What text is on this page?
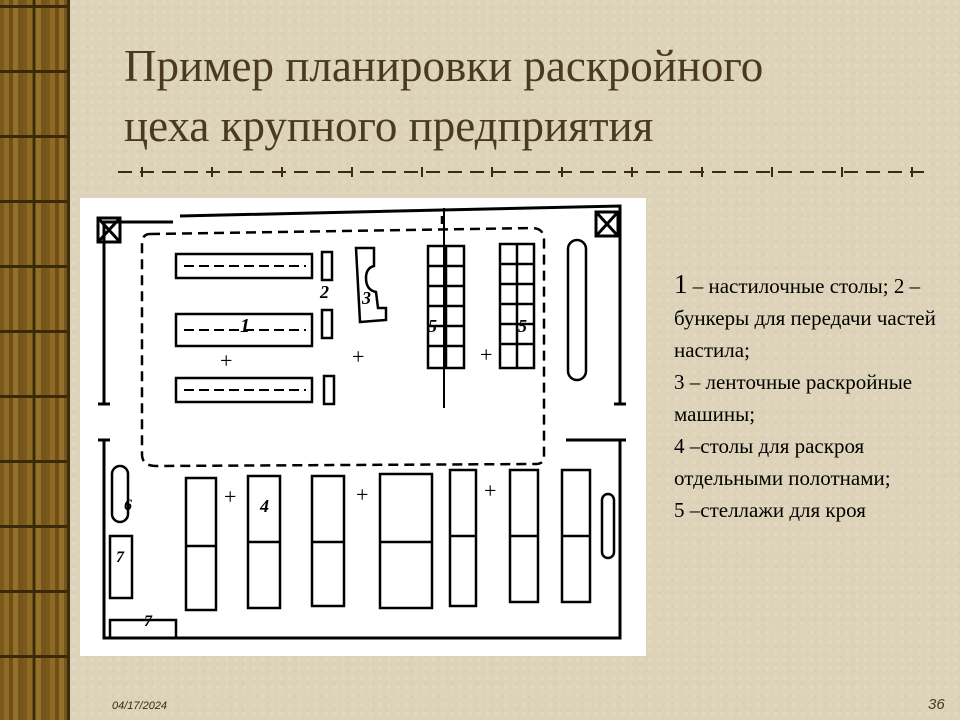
Пример планировки раскройного
цеха крупного предприятия
1
2 3
5	5
4
6
7
7
+	+	+
+	+	+

1 – настилочные столы; 2 – бункеры для передачи частей настила;
3 – ленточные раскройные машины;
4 –столы для раскроя отдельными полотнами;
5 –стеллажи для кроя

04/17/2024	36
